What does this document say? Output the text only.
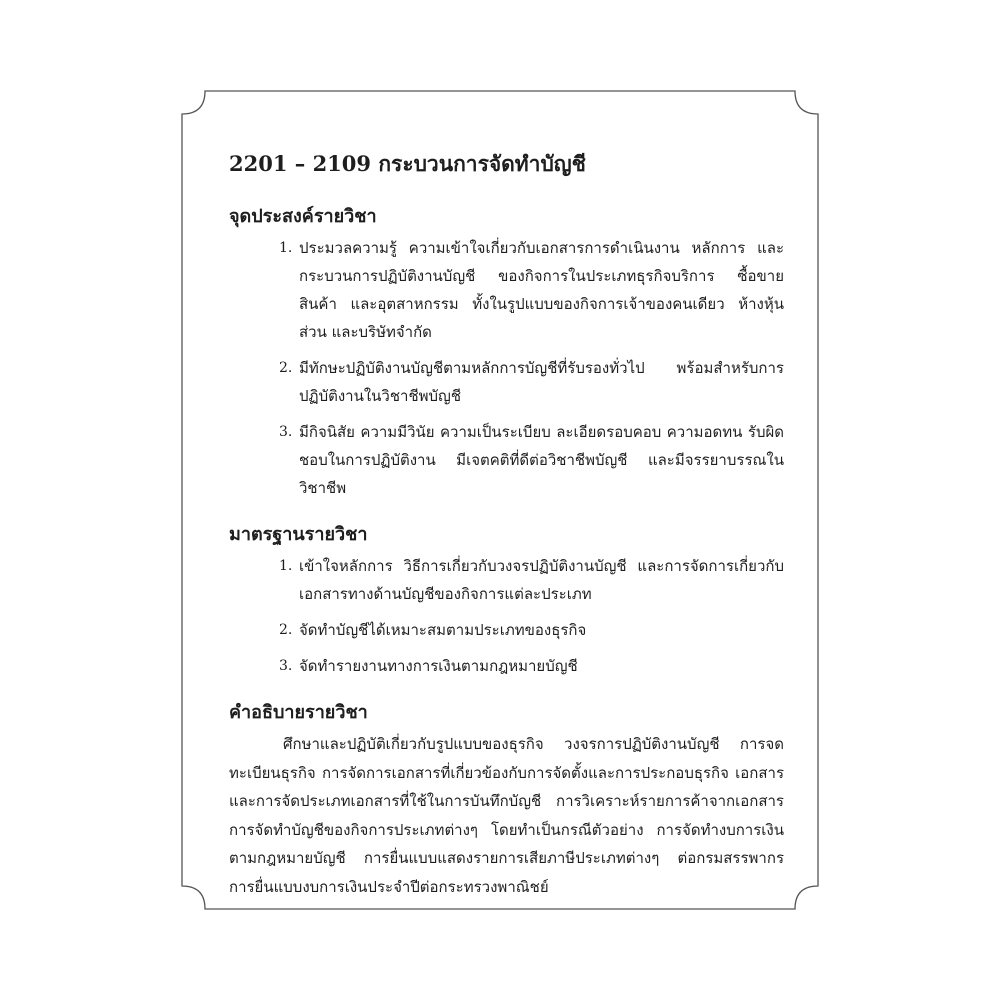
2201 – 2109 กระบวนการจัดทำบัญชี
จุดประสงค์รายวิชา
1. ประมวลความรู้ ความเข้าใจเกี่ยวกับเอกสารการดำเนินงาน หลักการ และกระบวนการปฏิบัติงานบัญชี ของกิจการในประเภทธุรกิจบริการ ซื้อขายสินค้า และอุตสาหกรรม ทั้งในรูปแบบของกิจการเจ้าของคนเดียว ห้างหุ้นส่วน และบริษัทจำกัด
2. มีทักษะปฏิบัติงานบัญชีตามหลักการบัญชีที่รับรองทั่วไป พร้อมสำหรับการปฏิบัติงานในวิชาชีพบัญชี
3. มีกิจนิสัย ความมีวินัย ความเป็นระเบียบ ละเอียดรอบคอบ ความอดทน รับผิดชอบในการปฏิบัติงาน มีเจตคติที่ดีต่อวิชาชีพบัญชี และมีจรรยาบรรณในวิชาชีพ
มาตรฐานรายวิชา
1. เข้าใจหลักการ วิธีการเกี่ยวกับวงจรปฏิบัติงานบัญชี และการจัดการเกี่ยวกับเอกสารทางด้านบัญชีของกิจการแต่ละประเภท
2. จัดทำบัญชีได้เหมาะสมตามประเภทของธุรกิจ
3. จัดทำรายงานทางการเงินตามกฎหมายบัญชี
คำอธิบายรายวิชา

ศึกษาและปฏิบัติเกี่ยวกับรูปแบบของธุรกิจ วงจรการปฏิบัติงานบัญชี การจดทะเบียนธุรกิจ การจัดการเอกสารที่เกี่ยวข้องกับการจัดตั้งและการประกอบธุรกิจ เอกสารและการจัดประเภทเอกสารที่ใช้ในการบันทึกบัญชี การวิเคราะห์รายการค้าจากเอกสาร การจัดทำบัญชีของกิจการประเภทต่างๆ โดยทำเป็นกรณีตัวอย่าง การจัดทำงบการเงินตามกฎหมายบัญชี การยื่นแบบแสดงรายการเสียภาษีประเภทต่างๆ ต่อกรมสรรพากร การยื่นแบบงบการเงินประจำปีต่อกระทรวงพาณิชย์
